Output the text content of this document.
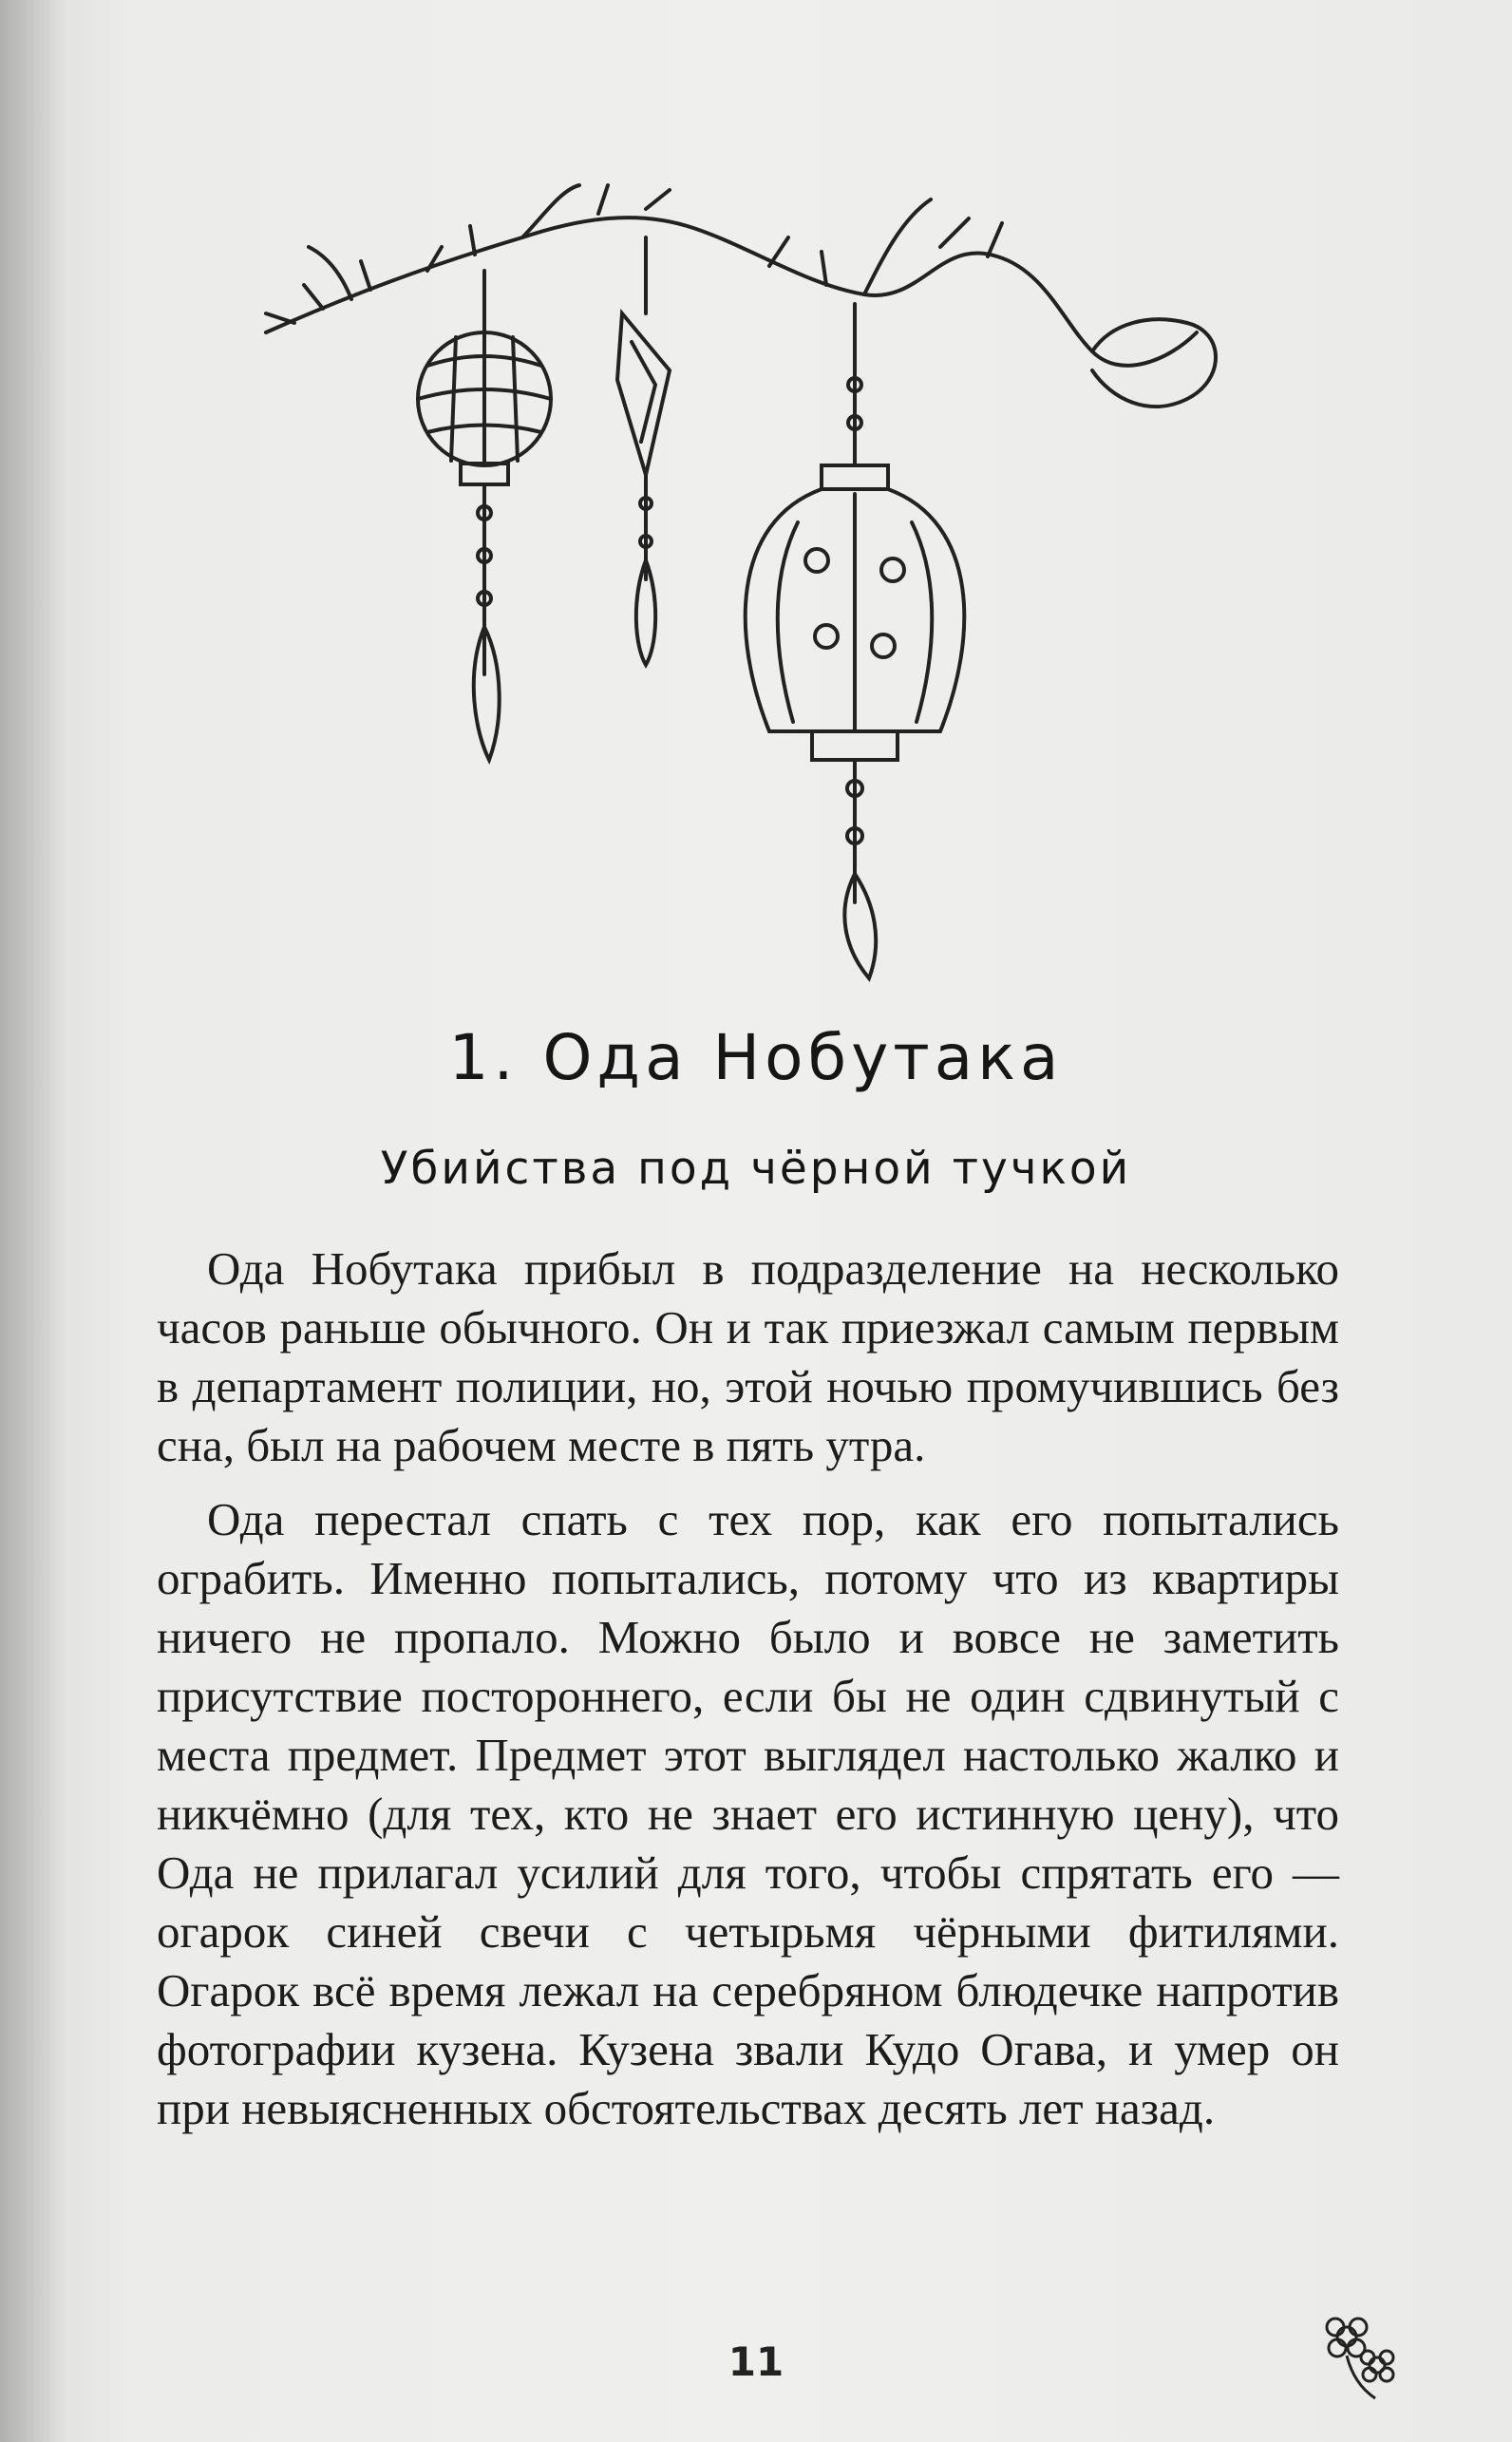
1. Ода Нобутака
Убийства под чёрной тучкой

Ода Нобутака прибыл в подразделение на несколько часов раньше обычного. Он и так приезжал самым первым в департамент полиции, но, этой ночью промучившись без сна, был на рабочем месте в пять утра.

Ода перестал спать с тех пор, как его попытались ограбить. Именно попытались, потому что из квартиры ничего не пропало. Можно было и вовсе не заметить присутствие постороннего, если бы не один сдвинутый с места предмет. Предмет этот выглядел настолько жалко и никчёмно (для тех, кто не знает его истинную цену), что Ода не прилагал усилий для того, чтобы спрятать его — огарок синей свечи с четырьмя чёрными фитилями. Огарок всё время лежал на серебряном блюдечке напротив фотографии кузена. Кузена звали Кудо Огава, и умер он при невыясненных обстоятельствах десять лет назад.

11
